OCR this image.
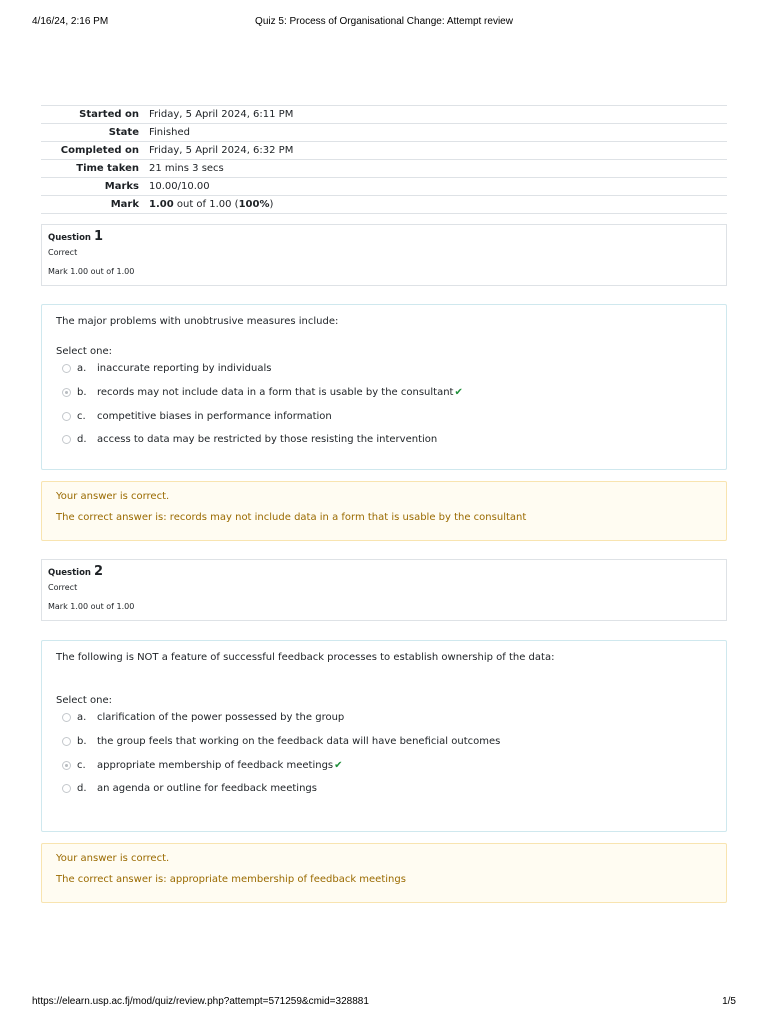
4/16/24, 2:16 PM	Quiz 5: Process of Organisational Change: Attempt review
Started on	Friday, 5 April 2024, 6:11 PM
State	Finished
Completed on	Friday, 5 April 2024, 6:32 PM
Time taken	21 mins 3 secs
Marks	10.00/10.00
Mark	1.00 out of 1.00 (100%)
Question 1
Correct
Mark 1.00 out of 1.00
The major problems with unobtrusive measures include:
Select one:
a. inaccurate reporting by individuals
b. records may not include data in a form that is usable by the consultant✔
c. competitive biases in performance information
d. access to data may be restricted by those resisting the intervention
Your answer is correct.
The correct answer is: records may not include data in a form that is usable by the consultant
Question 2
Correct
Mark 1.00 out of 1.00
The following is NOT a feature of successful feedback processes to establish ownership of the data:
Select one:
a. clarification of the power possessed by the group
b. the group feels that working on the feedback data will have beneficial outcomes
c. appropriate membership of feedback meetings✔
d. an agenda or outline for feedback meetings
Your answer is correct.
The correct answer is: appropriate membership of feedback meetings
https://elearn.usp.ac.fj/mod/quiz/review.php?attempt=571259&cmid=328881	1/5
